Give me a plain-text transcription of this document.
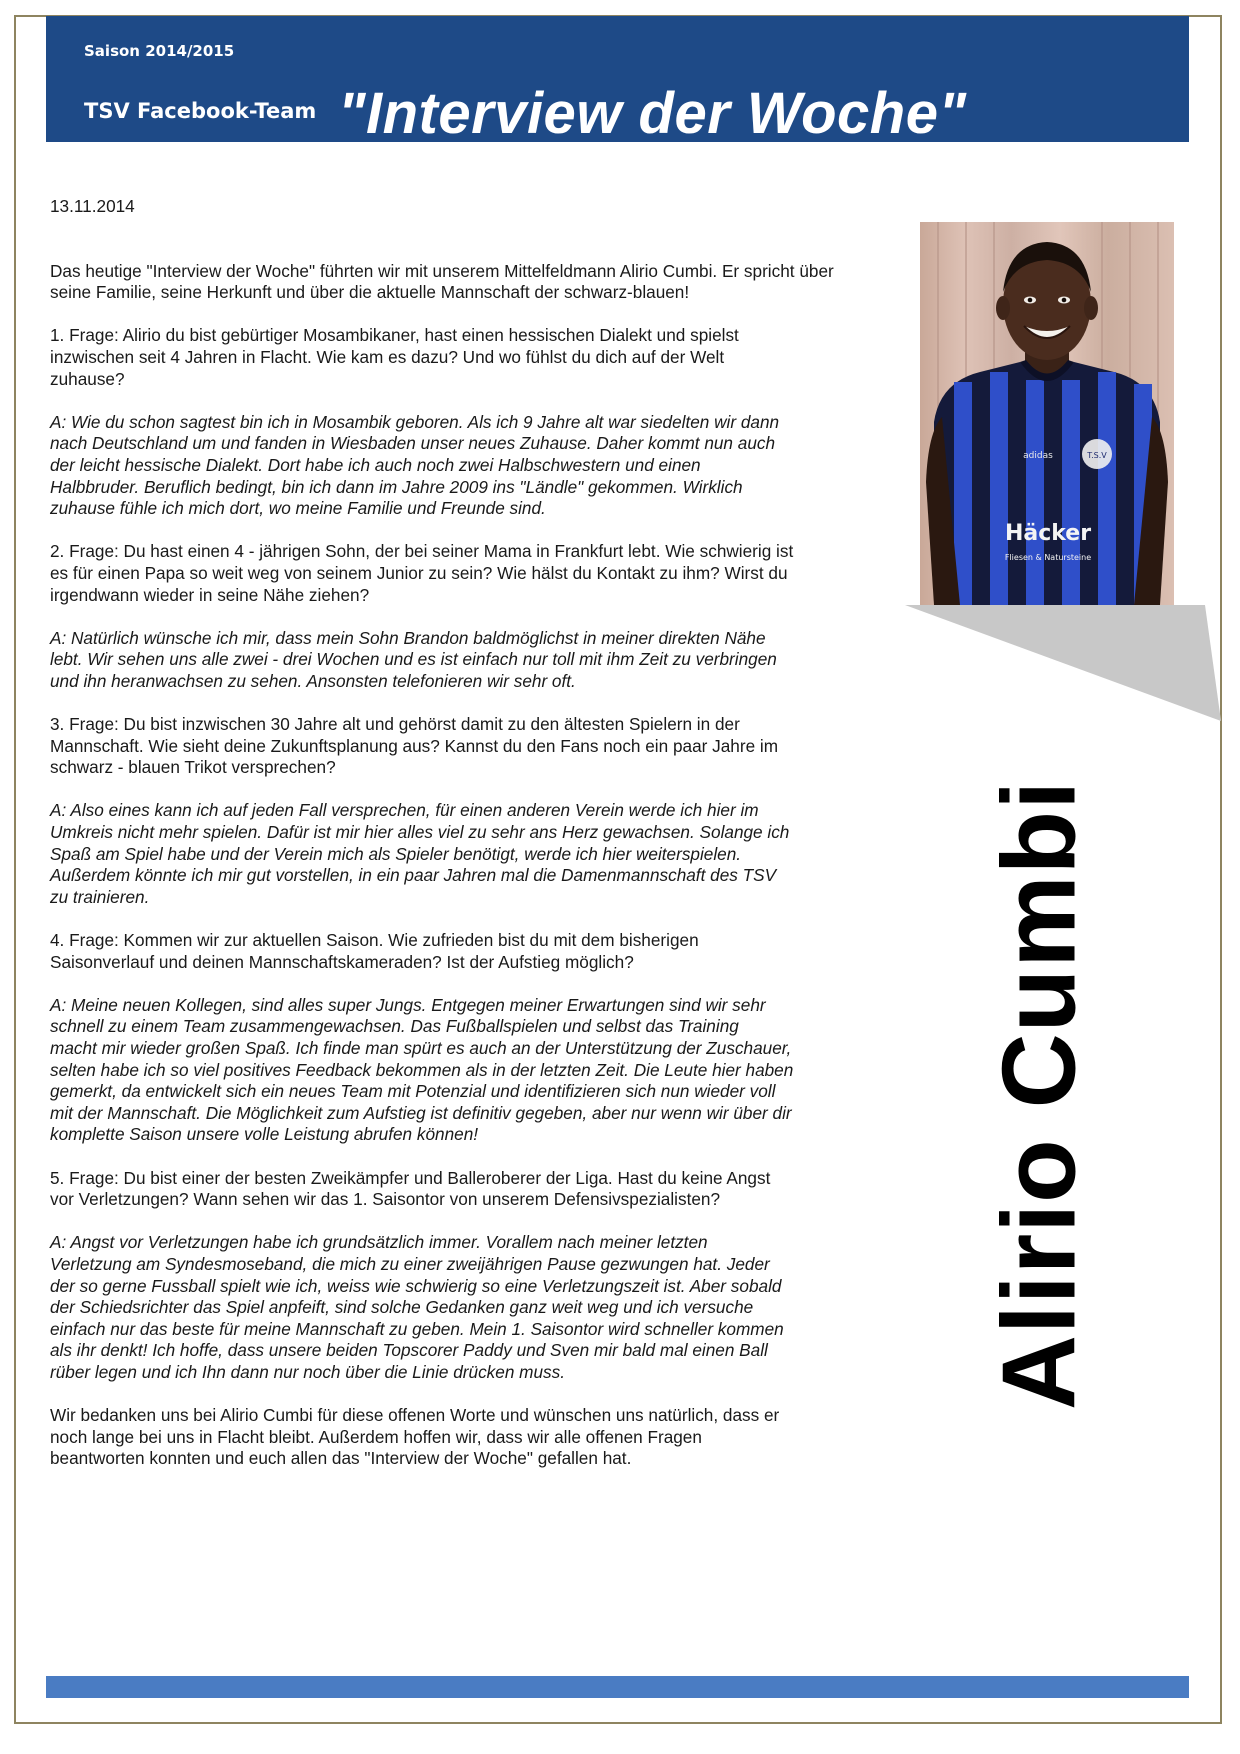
Saison 2014/2015
TSV Facebook-Team "Interview der Woche"

13.11.2014

Das heutige "Interview der Woche" führten wir mit unserem Mittelfeldmann Alirio Cumbi. Er spricht über seine Familie, seine Herkunft und über die aktuelle Mannschaft der schwarz-blauen!

1. Frage: Alirio du bist gebürtiger Mosambikaner, hast einen hessischen Dialekt und spielst
inzwischen seit 4 Jahren in Flacht. Wie kam es dazu? Und wo fühlst du dich auf der Welt
zuhause?

A: Wie du schon sagtest bin ich in Mosambik geboren. Als ich 9 Jahre alt war siedelten wir dann
nach Deutschland um und fanden in Wiesbaden unser neues Zuhause. Daher kommt nun auch
der leicht hessische Dialekt. Dort habe ich auch noch zwei Halbschwestern und einen
Halbbruder. Beruflich bedingt, bin ich dann im Jahre 2009 ins "Ländle" gekommen. Wirklich
zuhause fühle ich mich dort, wo meine Familie und Freunde sind.

2. Frage: Du hast einen 4 - jährigen Sohn, der bei seiner Mama in Frankfurt lebt. Wie schwierig ist
es für einen Papa so weit weg von seinem Junior zu sein? Wie hälst du Kontakt zu ihm? Wirst du
irgendwann wieder in seine Nähe ziehen?

A: Natürlich wünsche ich mir, dass mein Sohn Brandon baldmöglichst in meiner direkten Nähe
lebt. Wir sehen uns alle zwei - drei Wochen und es ist einfach nur toll mit ihm Zeit zu verbringen
und ihn heranwachsen zu sehen. Ansonsten telefonieren wir sehr oft.

3. Frage: Du bist inzwischen 30 Jahre alt und gehörst damit zu den ältesten Spielern in der
Mannschaft. Wie sieht deine Zukunftsplanung aus? Kannst du den Fans noch ein paar Jahre im
schwarz - blauen Trikot versprechen?

A: Also eines kann ich auf jeden Fall versprechen, für einen anderen Verein werde ich hier im
Umkreis nicht mehr spielen. Dafür ist mir hier alles viel zu sehr ans Herz gewachsen. Solange ich
Spaß am Spiel habe und der Verein mich als Spieler benötigt, werde ich hier weiterspielen.
Außerdem könnte ich mir gut vorstellen, in ein paar Jahren mal die Damenmannschaft des TSV
zu trainieren.

4. Frage: Kommen wir zur aktuellen Saison. Wie zufrieden bist du mit dem bisherigen
Saisonverlauf und deinen Mannschaftskameraden? Ist der Aufstieg möglich?

A: Meine neuen Kollegen, sind alles super Jungs. Entgegen meiner Erwartungen sind wir sehr
schnell zu einem Team zusammengewachsen. Das Fußballspielen und selbst das Training
macht mir wieder großen Spaß. Ich finde man spürt es auch an der Unterstützung der Zuschauer,
selten habe ich so viel positives Feedback bekommen als in der letzten Zeit. Die Leute hier haben
gemerkt, da entwickelt sich ein neues Team mit Potenzial und identifizieren sich nun wieder voll
mit der Mannschaft. Die Möglichkeit zum Aufstieg ist definitiv gegeben, aber nur wenn wir über dir
komplette Saison unsere volle Leistung abrufen können!

5. Frage: Du bist einer der besten Zweikämpfer und Balleroberer der Liga. Hast du keine Angst
vor Verletzungen? Wann sehen wir das 1. Saisontor von unserem Defensivspezialisten?

A: Angst vor Verletzungen habe ich grundsätzlich immer. Vorallem nach meiner letzten
Verletzung am Syndesmoseband, die mich zu einer zweijährigen Pause gezwungen hat. Jeder
der so gerne Fussball spielt wie ich, weiss wie schwierig so eine Verletzungszeit ist. Aber sobald
der Schiedsrichter das Spiel anpfeift, sind solche Gedanken ganz weit weg und ich versuche
einfach nur das beste für meine Mannschaft zu geben. Mein 1. Saisontor wird schneller kommen
als ihr denkt! Ich hoffe, dass unsere beiden Topscorer Paddy und Sven mir bald mal einen Ball
rüber legen und ich Ihn dann nur noch über die Linie drücken muss.

Wir bedanken uns bei Alirio Cumbi für diese offenen Worte und wünschen uns natürlich, dass er
noch lange bei uns in Flacht bleibt. Außerdem hoffen wir, dass wir alle offenen Fragen
beantworten konnten und euch allen das "Interview der Woche" gefallen hat.

T.S.V
adidas
Häcker
Fliesen & Natursteine
Alirio Cumbi
